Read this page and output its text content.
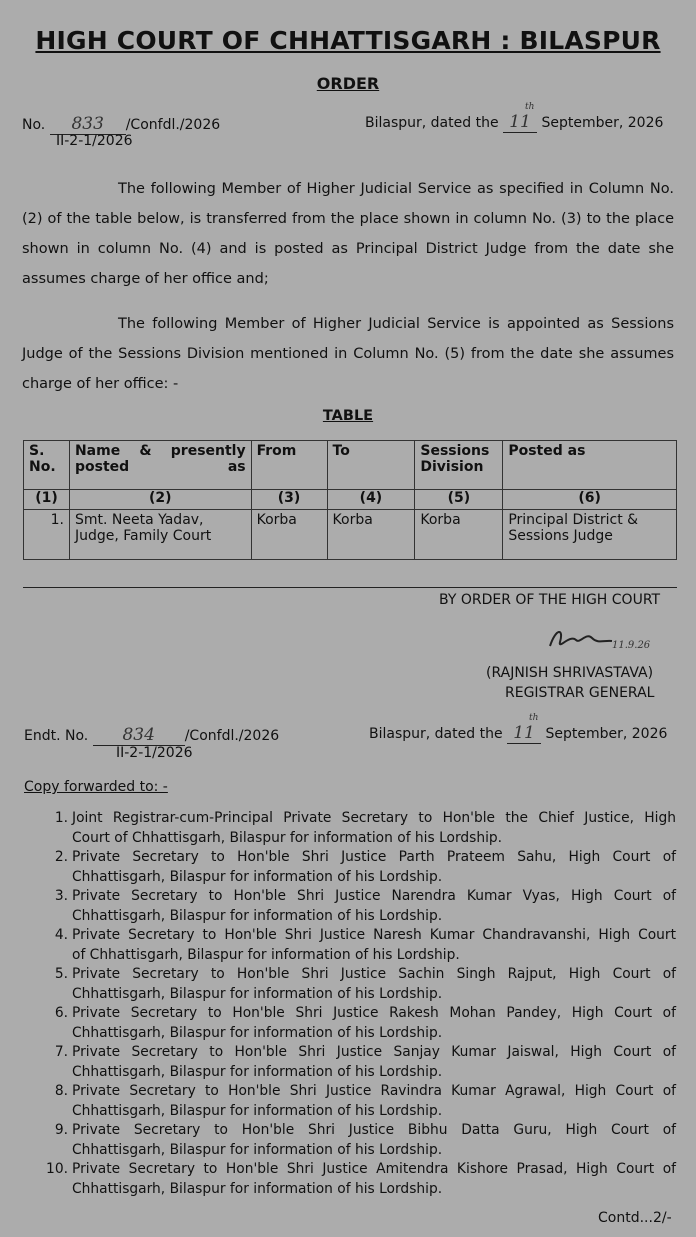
HIGH COURT OF CHHATTISGARH : BILASPUR
ORDER
No. 833 /Confdl./2026
II-2-1/2026
Bilaspur, dated the 11
th
September, 2026
The following Member of Higher Judicial Service as specified in Column No.
(2) of the table below, is transferred from the place shown in column No. (3) to the place
shown in column No. (4) and is posted as Principal District Judge from the date she
assumes charge of her office and;
The following Member of Higher Judicial Service is appointed as Sessions
Judge of the Sessions Division mentioned in Column No. (5) from the date she assumes
charge of her office: -
TABLE
S. No.	Name & presently posted as	From	To	Sessions Division	Posted as
(1)	(2)	(3)	(4)	(5)	(6)
1.	Smt. Neeta Yadav, Judge, Family Court	Korba	Korba	Korba	Principal District & Sessions Judge
BY ORDER OF THE HIGH COURT
11.9.26
(RAJNISH SHRIVASTAVA)
REGISTRAR GENERAL
Endt. No. 834 /Confdl./2026
II-2-1/2026
Bilaspur, dated the 11
th
September, 2026
Copy forwarded to: -
1. Joint Registrar-cum-Principal Private Secretary to Hon'ble the Chief Justice, High
Court of Chhattisgarh, Bilaspur for information of his Lordship.
2. Private Secretary to Hon'ble Shri Justice Parth Prateem Sahu, High Court of
Chhattisgarh, Bilaspur for information of his Lordship.
3. Private Secretary to Hon'ble Shri Justice Narendra Kumar Vyas, High Court of
Chhattisgarh, Bilaspur for information of his Lordship.
4. Private Secretary to Hon'ble Shri Justice Naresh Kumar Chandravanshi, High Court
of Chhattisgarh, Bilaspur for information of his Lordship.
5. Private Secretary to Hon'ble Shri Justice Sachin Singh Rajput, High Court of
Chhattisgarh, Bilaspur for information of his Lordship.
6. Private Secretary to Hon'ble Shri Justice Rakesh Mohan Pandey, High Court of
Chhattisgarh, Bilaspur for information of his Lordship.
7. Private Secretary to Hon'ble Shri Justice Sanjay Kumar Jaiswal, High Court of
Chhattisgarh, Bilaspur for information of his Lordship.
8. Private Secretary to Hon'ble Shri Justice Ravindra Kumar Agrawal, High Court of
Chhattisgarh, Bilaspur for information of his Lordship.
9. Private Secretary to Hon'ble Shri Justice Bibhu Datta Guru, High Court of
Chhattisgarh, Bilaspur for information of his Lordship.
10. Private Secretary to Hon'ble Shri Justice Amitendra Kishore Prasad, High Court of
Chhattisgarh, Bilaspur for information of his Lordship.
Contd...2/-
